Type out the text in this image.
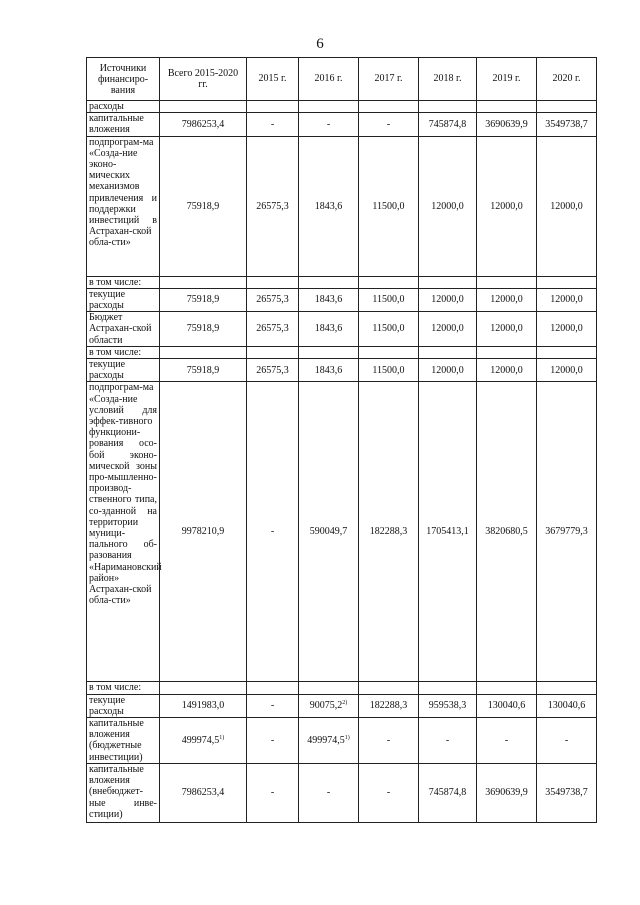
6
Источники финансиро-вания	Всего 2015-2020 гг.	2015 г.	2016 г.	2017 г.	2018 г.	2019 г.	2020 г.
расходы							
капитальные вложения	7986253,4	-	-	-	745874,8	3690639,9	3549738,7
подпрограм-ма «Созда-ние эконо-мических механизмов привлечения и поддержки инвестиций в Астрахан-ской обла-сти»	75918,9	26575,3	1843,6	11500,0	12000,0	12000,0	12000,0
в том числе:							
текущие расходы	75918,9	26575,3	1843,6	11500,0	12000,0	12000,0	12000,0
Бюджет Астрахан-ской области	75918,9	26575,3	1843,6	11500,0	12000,0	12000,0	12000,0
в том числе:							
текущие расходы	75918,9	26575,3	1843,6	11500,0	12000,0	12000,0	12000,0
подпрограм-ма «Созда-ние условий для эффек-тивного функциони-рования осо-бой эконо-мической зоны про-мышленно-производ-ственного типа, со-зданной на территории муници-пального об-разования «Наримановский район» Астрахан-ской обла-сти»	9978210,9	-	590049,7	182288,3	1705413,1	3820680,5	3679779,3
в том числе:							
текущие расходы	1491983,0	-	90075,2$^{2)}$	182288,3	959538,3	130040,6	130040,6
капитальные вложения (бюджетные инвестиции)	499974,5$^{1)}$	-	499974,5$^{1)}$	-	-	-	-
капитальные вложения (внебюджет-ные инве-стиции)	7986253,4	-	-	-	745874,8	3690639,9	3549738,7
